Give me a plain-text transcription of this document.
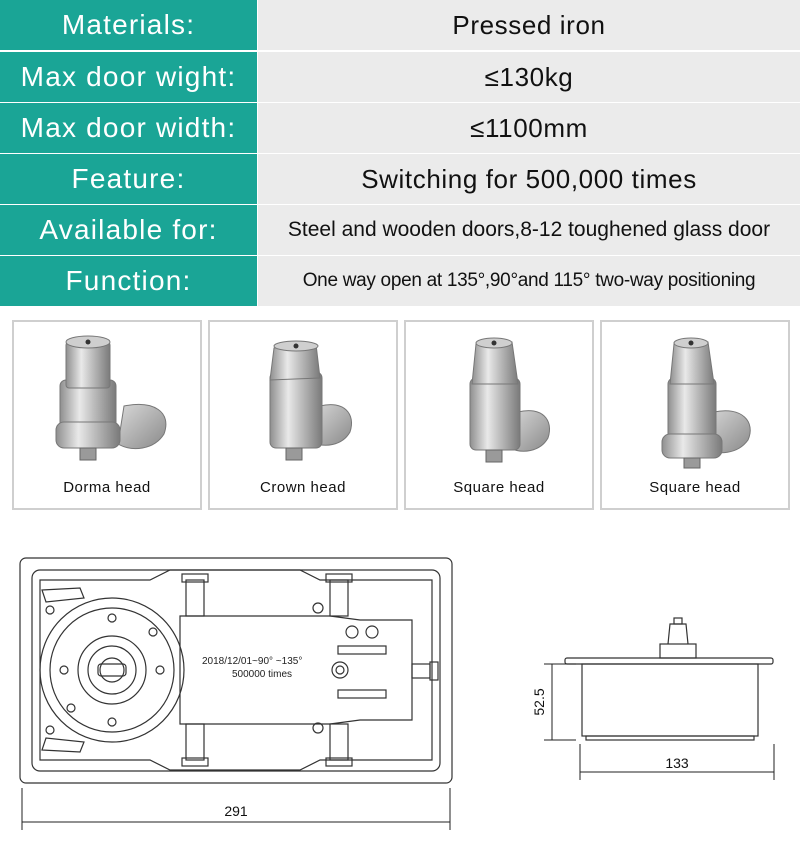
Materials:	Pressed iron
Max door wight:	≤130kg
Max door width:	≤1100mm
Feature:	Switching for 500,000 times
Available for:	Steel and wooden doors,8-12 toughened glass door
Function:	One way open at 135°,90°and 115° two-way positioning
Dorma head	Crown head	Square head	Square head
2018/12/01~90° ~135°
500000 times
291
52.5
133
